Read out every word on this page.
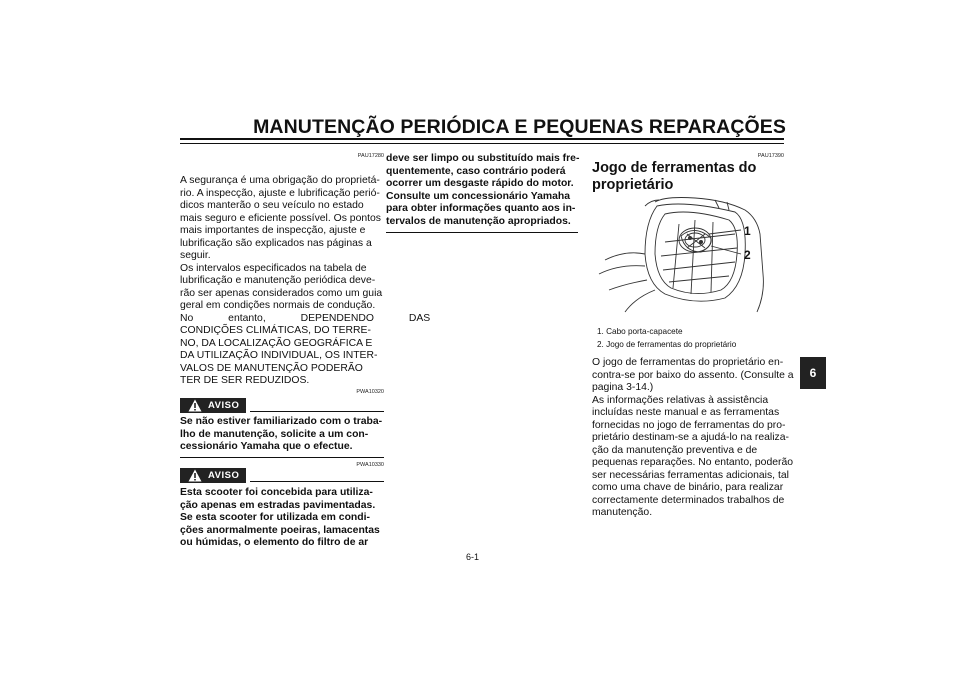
MANUTENÇÃO PERIÓDICA E PEQUENAS REPARAÇÕES
6
PAU17280
A segurança é uma obrigação do proprietá-
rio. A inspecção, ajuste e lubrificação perió-
dicos manterão o seu veículo no estado
mais seguro e eficiente possível. Os pontos
mais importantes de inspecção, ajuste e
lubrificação são explicados nas páginas a
seguir.
Os intervalos especificados na tabela de
lubrificação e manutenção periódica deve-
rão ser apenas considerados como um guia
geral em condições normais de condução.
No entanto, DEPENDENDO DAS
CONDIÇÕES CLIMÁTICAS, DO TERRE-
NO, DA LOCALIZAÇÃO GEOGRÁFICA E
DA UTILIZAÇÃO INDIVIDUAL, OS INTER-
VALOS DE MANUTENÇÃO PODERÃO
TER DE SER REDUZIDOS.
PWA10320
AVISO
Se não estiver familiarizado com o traba-
lho de manutenção, solicite a um con-
cessionário Yamaha que o efectue.
PWA10330
AVISO
Esta scooter foi concebida para utiliza-
ção apenas em estradas pavimentadas.
Se esta scooter for utilizada em condi-
ções anormalmente poeiras, lamacentas
ou húmidas, o elemento do filtro de ar
deve ser limpo ou substituído mais fre-
quentemente, caso contrário poderá
ocorrer um desgaste rápido do motor.
Consulte um concessionário Yamaha
para obter informações quanto aos in-
tervalos de manutenção apropriados.
PAU17390
Jogo de ferramentas do
proprietário
1
2
1. Cabo porta-capacete
2. Jogo de ferramentas do proprietário
O jogo de ferramentas do proprietário en-
contra-se por baixo do assento. (Consulte a
pagina 3-14.)
As informações relativas à assistência
incluídas neste manual e as ferramentas
fornecidas no jogo de ferramentas do pro-
prietário destinam-se a ajudá-lo na realiza-
ção da manutenção preventiva e de
pequenas reparações. No entanto, poderão
ser necessárias ferramentas adicionais, tal
como uma chave de binário, para realizar
correctamente determinados trabalhos de
manutenção.
6-1
